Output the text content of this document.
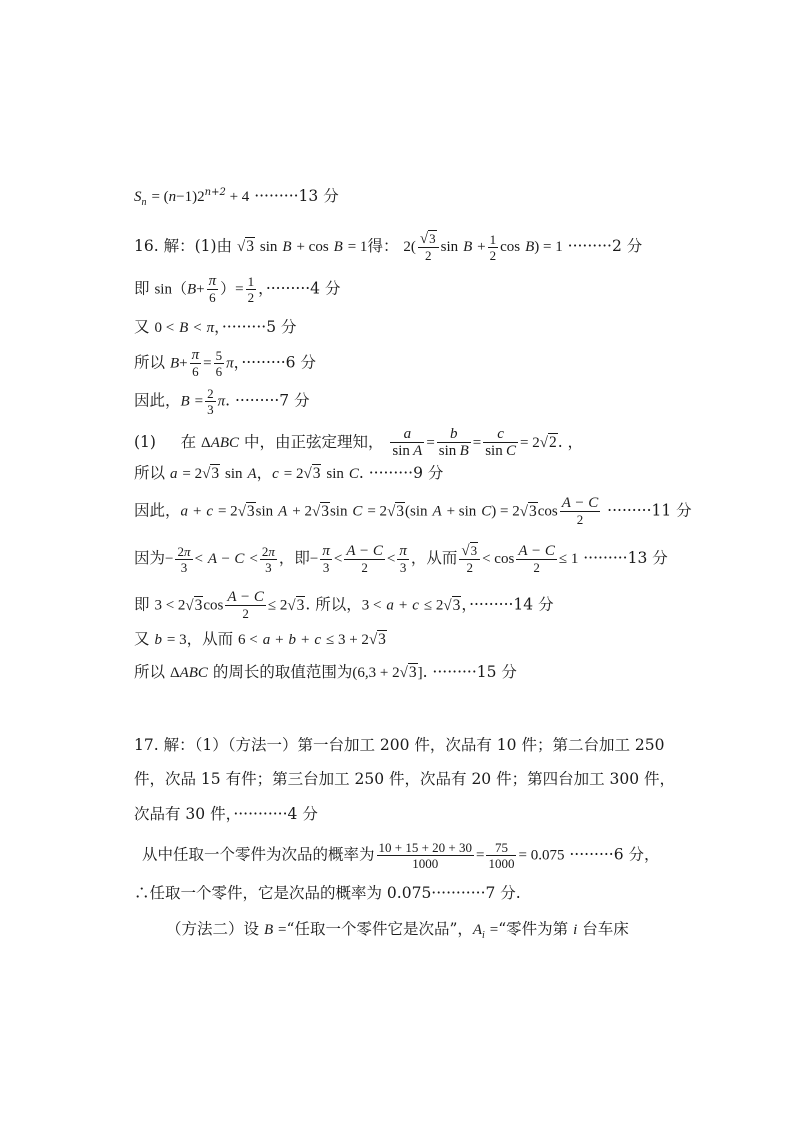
$S_n = (n-1)2^{n+2} + 4 \cdot\cdot\cdot\cdot\cdot\cdot\cdot\cdot\cdot 13$ 分
16. 解：(1)由 √3 sin B + cos B = 1得： $2( \frac{√3}{2}$ $\sin B + \frac{1}{2}$ cos B) = 1 ·········2 分
即 $\sin(B+ \frac{\pi}{6}$ ）= $\frac{1}{2}$ ，·········4 分
又 0 < B < π，·········5 分
所以 $B+ \frac{\pi}{6} = \frac{5}{6}$ π，·········6 分
因此，$B = \frac{2}{3} \pi$. ·········7 分
(1)     在 ΔABC 中，由正弦定理知， $\frac{a}{\text{sin A}} = \frac{b}{\text{sin B}} = \frac{c}{\text{sin C}} = 2√2$. ，
所以 a = 2√3 sin A，c = 2√3 sin C. ·········9 分
因此，a + c = 2√3sin A + 2√3sin C = 2√3(sin $A + \sin C) = 2√3\cos \frac{A - C}{2} \cdot\cdot\cdot\cdot\cdot\cdot\cdot\cdot\cdot 11$ 分
因为− $\frac{2\pi}{3} < A - C < \frac{2\pi}{3}$ ，即− $\frac{\pi}{3} < \frac{A - C}{2} < \frac{\pi}{3}$ ，从而 $\frac{√3}{2} < \cos \frac{A - C}{2} \le 1 \cdot\cdot\cdot\cdot\cdot\cdot\cdot\cdot\cdot 13$ 分
即 $3 < 2√3\cos \frac{A - C}{2} \le 2√3$. 所以，3 < a + c ≤ 2√3，·········14 分
又 b = 3，从而 6 < a + b + c ≤ 3 + 2√3
所以 ΔABC 的周长的取值范围为(6,3 + 2√3]. ·········15 分
17. 解：（1）（方法一）第一台加工 200 件，次品有 10 件；第二台加工 250
件，次品 15 有件；第三台加工 250 件，次品有 20 件；第四台加工 300 件，
次品有 30 件，···········4 分
从中任取一个零件为次品的概率为 $\frac{10 + 15 + 20 + 30}{1000} = \frac{75}{1000} = 0.075 \cdot\cdot\cdot\cdot\cdot\cdot\cdot\cdot\cdot 6$ 分，
∴任取一个零件，它是次品的概率为 0.075···········7 分.
（方法二）设 B =“任取一个零件它是次品”，$A_i$ =“零件为第 i 台车床
